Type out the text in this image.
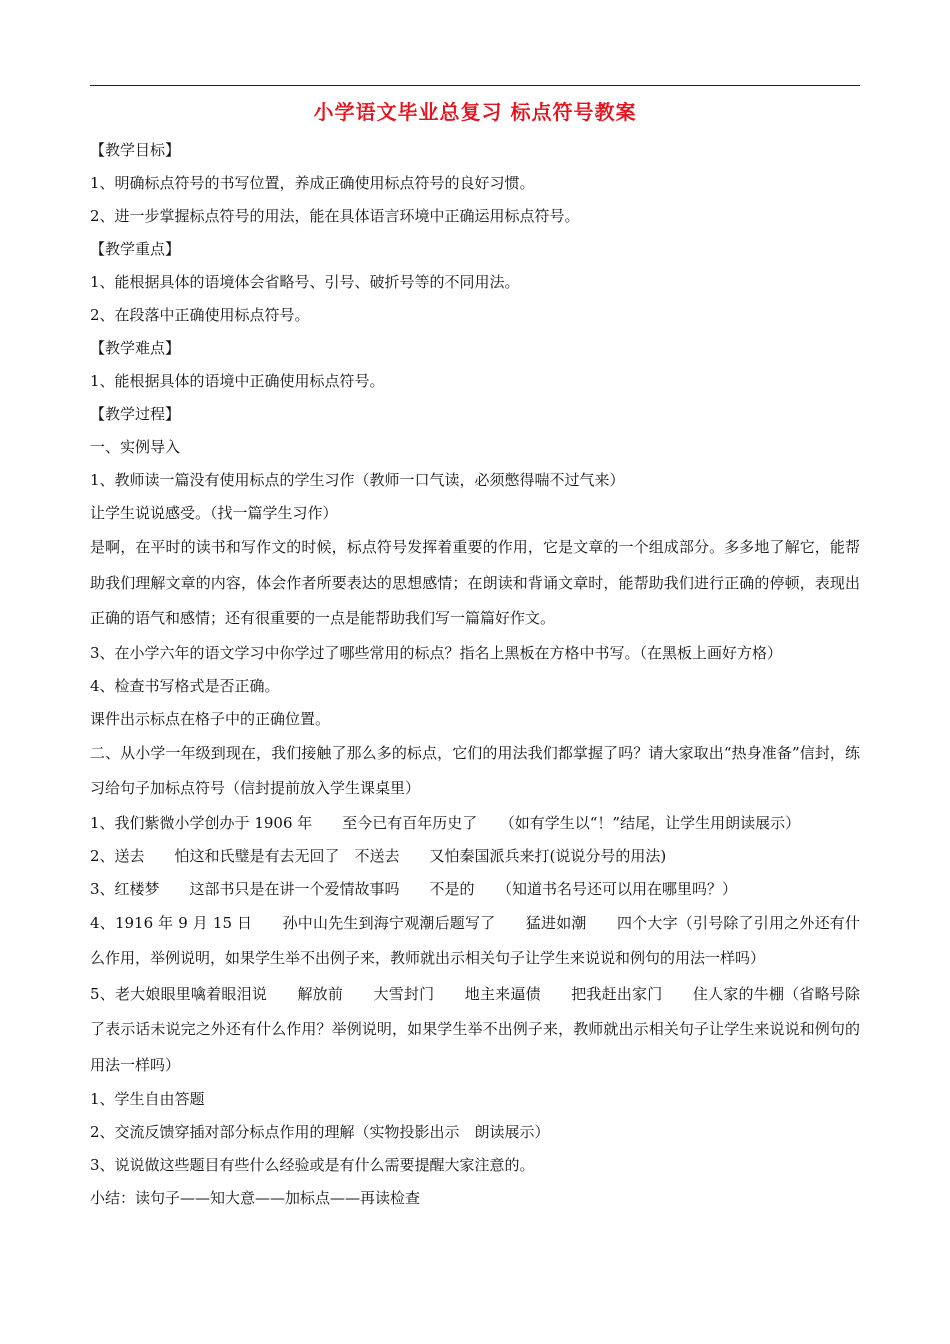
小学语文毕业总复习 标点符号教案

【教学目标】

1、明确标点符号的书写位置，养成正确使用标点符号的良好习惯。

2、进一步掌握标点符号的用法，能在具体语言环境中正确运用标点符号。

【教学重点】

1、能根据具体的语境体会省略号、引号、破折号等的不同用法。

2、在段落中正确使用标点符号。

【教学难点】

1、能根据具体的语境中正确使用标点符号。

【教学过程】

一、实例导入

1、教师读一篇没有使用标点的学生习作（教师一口气读，必须憋得喘不过气来）

让学生说说感受。（找一篇学生习作）

是啊，在平时的读书和写作文的时候，标点符号发挥着重要的作用，它是文章的一个组成部分。多多地了解它，能帮助我们理解文章的内容，体会作者所要表达的思想感情；在朗读和背诵文章时，能帮助我们进行正确的停顿，表现出正确的语气和感情；还有很重要的一点是能帮助我们写一篇篇好作文。

3、在小学六年的语文学习中你学过了哪些常用的标点？指名上黑板在方格中书写。（在黑板上画好方格）

4、检查书写格式是否正确。

课件出示标点在格子中的正确位置。

二、从小学一年级到现在，我们接触了那么多的标点，它们的用法我们都掌握了吗？请大家取出“热身准备”信封，练习给句子加标点符号（信封提前放入学生课桌里）

1、我们紫微小学创办于 1906 年　　至今已有百年历史了　　（如有学生以“！”结尾，让学生用朗读展示）

2、送去　　怕这和氏璧是有去无回了　不送去　　又怕秦国派兵来打(说说分号的用法)

3、红楼梦　　这部书只是在讲一个爱情故事吗　　不是的　　（知道书名号还可以用在哪里吗？）

4、1916 年 9 月 15 日　　孙中山先生到海宁观潮后题写了　　猛进如潮　　四个大字（引号除了引用之外还有什么作用，举例说明，如果学生举不出例子来，教师就出示相关句子让学生来说说和例句的用法一样吗）

5、老大娘眼里噙着眼泪说　　解放前　　大雪封门　　地主来逼债　　把我赶出家门　　住人家的牛棚（省略号除了表示话未说完之外还有什么作用？举例说明，如果学生举不出例子来，教师就出示相关句子让学生来说说和例句的用法一样吗）

1、学生自由答题

2、交流反馈穿插对部分标点作用的理解（实物投影出示　朗读展示）

3、说说做这些题目有些什么经验或是有什么需要提醒大家注意的。

小结：读句子——知大意——加标点——再读检查
